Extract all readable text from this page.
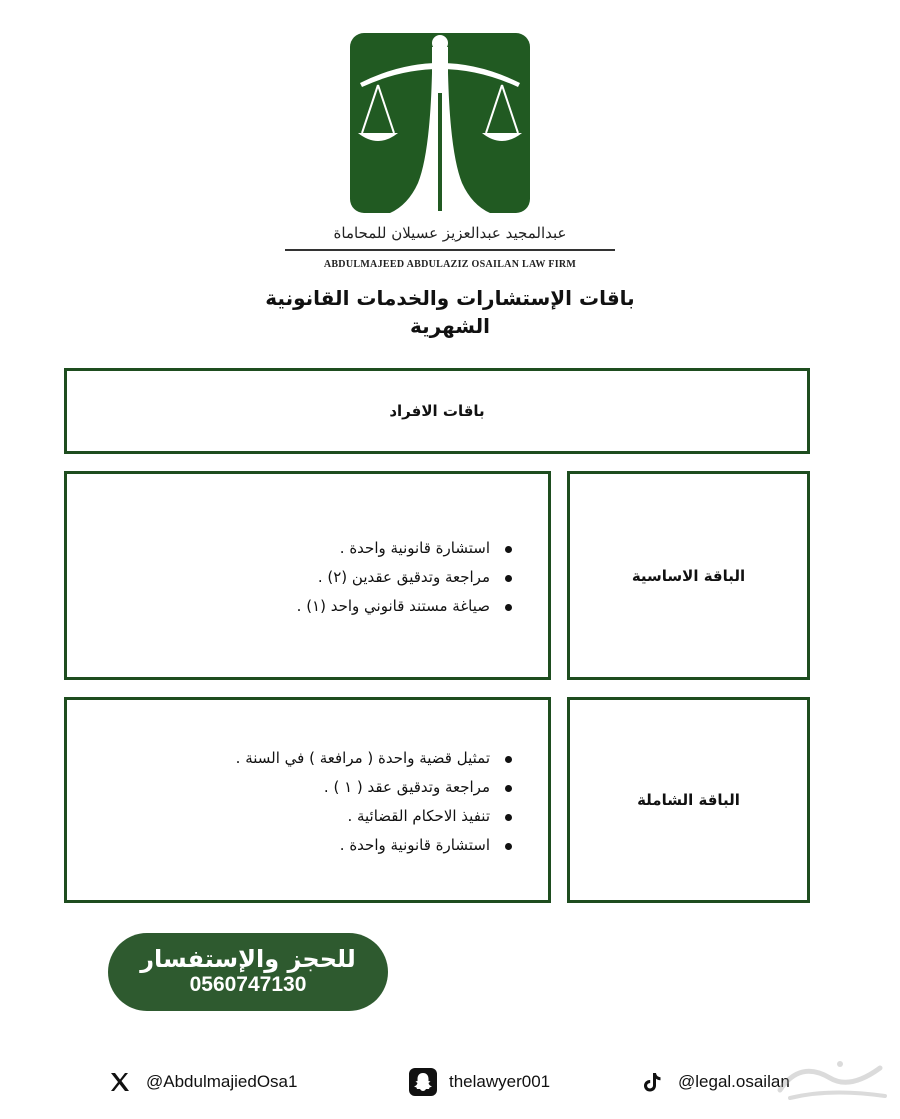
عبدالمجيد عبدالعزيز عسيلان للمحاماة
ABDULMAJEED ABDULAZIZ OSAILAN LAW FIRM
باقات الإستشارات والخدمات القانونية
الشهرية
باقات الافراد
الباقة الاساسية
استشارة قانونية واحدة .
مراجعة وتدقيق عقدين (٢) .
صياغة مستند قانوني واحد (١) .
الباقة الشاملة
تمثيل قضية واحدة ( مرافعة ) في السنة .
مراجعة وتدقيق عقد ( ١ ) .
تنفيذ الاحكام القضائية .
استشارة قانونية واحدة .
للحجز والإستفسار
0560747130
@AbdulmajiedOsa1	thelawyer001	@legal.osailan
